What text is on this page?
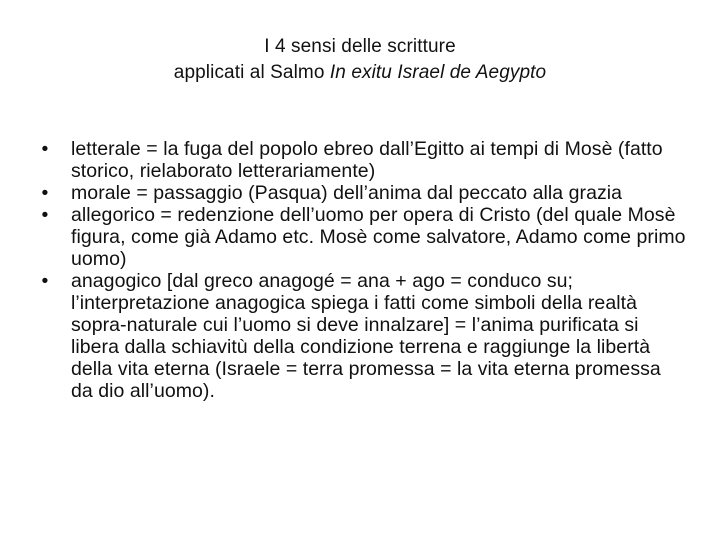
I 4 sensi delle scritture
applicati al Salmo In exitu Israel de Aegypto
• letterale = la fuga del popolo ebreo dall’Egitto ai tempi di Mosè (fatto storico, rielaborato letterariamente)
• morale = passaggio (Pasqua) dell’anima dal peccato alla grazia
• allegorico = redenzione dell’uomo per opera di Cristo (del quale Mosè  figura, come già Adamo etc. Mosè come salvatore, Adamo come primo uomo)
• anagogico [dal greco anagogé = ana + ago = conduco su; l’interpretazione anagogica spiega i fatti come simboli della realtà sopra-naturale cui l’uomo si deve innalzare] = l’anima purificata si libera dalla schiavitù della condizione terrena e raggiunge la libertà della vita eterna (Israele = terra promessa = la vita eterna promessa da dio all’uomo).
